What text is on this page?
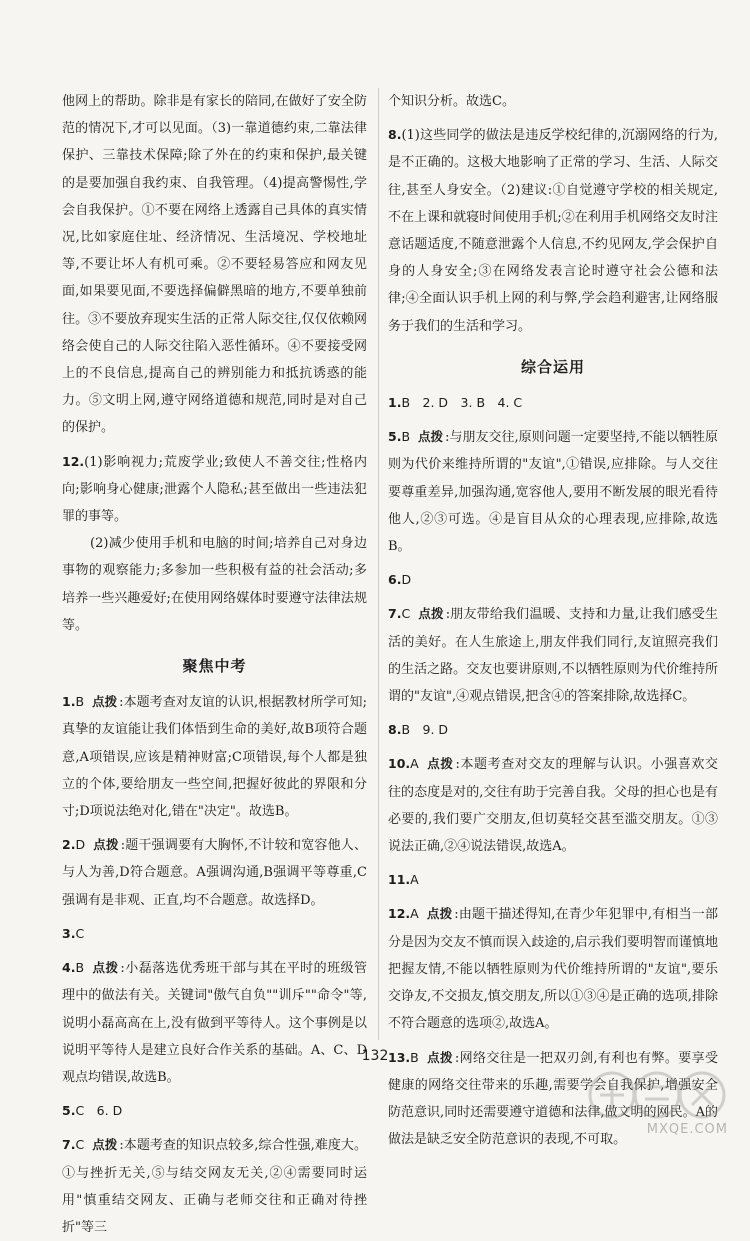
他网上的帮助。除非是有家长的陪同,在做好了安全防范的情况下,才可以见面。（3)一靠道德约束,二靠法律保护、三靠技术保障;除了外在的约束和保护,最关键的是要加强自我约束、自我管理。（4)提高警惕性,学会自我保护。①不要在网络上透露自己具体的真实情况,比如家庭住址、经济情况、生活境况、学校地址等,不要让坏人有机可乘。②不要轻易答应和网友见面,如果要见面,不要选择偏僻黑暗的地方,不要单独前往。③不要放弃现实生活的正常人际交往,仅仅依赖网络会使自己的人际交往陷入恶性循环。④不要接受网上的不良信息,提高自己的辨别能力和抵抗诱惑的能力。⑤文明上网,遵守网络道德和规范,同时是对自己的保护。

12.(1)影响视力;荒废学业;致使人不善交往;性格内向;影响身心健康;泄露个人隐私;甚至做出一些违法犯罪的事等。

(2)减少使用手机和电脑的时间;培养自己对身边事物的观察能力;多参加一些积极有益的社会活动;多培养一些兴趣爱好;在使用网络媒体时要遵守法律法规等。

聚焦中考

1.B 点拨 :本题考查对友谊的认识,根据教材所学可知;真挚的友谊能让我们体悟到生命的美好,故B项符合题意,A项错误,应该是精神财富;C项错误,每个人都是独立的个体,要给朋友一些空间,把握好彼此的界限和分寸;D项说法绝对化,错在"决定"。故选B。

2.D 点拨 :题干强调要有大胸怀,不计较和宽容他人、与人为善,D符合题意。A强调沟通,B强调平等尊重,C强调有是非观、正直,均不合题意。故选择D。

3.C

4.B 点拨 :小磊落选优秀班干部与其在平时的班级管理中的做法有关。关键词"傲气自负""训斥""命令"等,说明小磊高高在上,没有做到平等待人。这个事例是以说明平等待人是建立良好合作关系的基础。A、C、D观点均错误,故选B。

5.C　6. D

7.C 点拨 :本题考查的知识点较多,综合性强,难度大。①与挫折无关,⑤与结交网友无关,②④需要同时运用"慎重结交网友、正确与老师交往和正确对待挫折"等三

个知识分析。故选C。

8.(1)这些同学的做法是违反学校纪律的,沉溺网络的行为,是不正确的。这极大地影响了正常的学习、生活、人际交往,甚至人身安全。（2)建议:①自觉遵守学校的相关规定,不在上课和就寝时间使用手机;②在利用手机网络交友时注意话题适度,不随意泄露个人信息,不约见网友,学会保护自身的人身安全;③在网络发表言论时遵守社会公德和法律;④全面认识手机上网的利与弊,学会趋利避害,让网络服务于我们的生活和学习。

综合运用

1.B　2. D　3. B　4. C

5.B 点拨 :与朋友交往,原则问题一定要坚持,不能以牺牲原则为代价来维持所谓的"友谊",①错误,应排除。与人交往要尊重差异,加强沟通,宽容他人,要用不断发展的眼光看待他人,②③可选。④是盲目从众的心理表现,应排除,故选B。

6.D

7.C 点拨 :朋友带给我们温暖、支持和力量,让我们感受生活的美好。在人生旅途上,朋友伴我们同行,友谊照亮我们的生活之路。交友也要讲原则,不以牺牲原则为代价维持所谓的"友谊",④观点错误,把含④的答案排除,故选择C。

8.B　9. D

10.A 点拨 :本题考查对交友的理解与认识。小强喜欢交往的态度是对的,交往有助于完善自我。父母的担心也是有必要的,我们要广交朋友,但切莫轻交甚至滥交朋友。①③说法正确,②④说法错误,故选A。

11.A

12.A 点拨 :由题干描述得知,在青少年犯罪中,有相当一部分是因为交友不慎而误入歧途的,启示我们要明智而谨慎地把握友情,不能以牺牲原则为代价维持所谓的"友谊",要乐交诤友,不交损友,慎交朋友,所以①③④是正确的选项,排除不符合题意的选项②,故选A。

13.B 点拨 :网络交往是一把双刃剑,有利也有弊。要享受健康的网络交往带来的乐趣,需要学会自我保护,增强安全防范意识,同时还需要遵守道德和法律,做文明的网民。A的做法是缺乏安全防范意识的表现,不可取。

132
MXQE.COM
